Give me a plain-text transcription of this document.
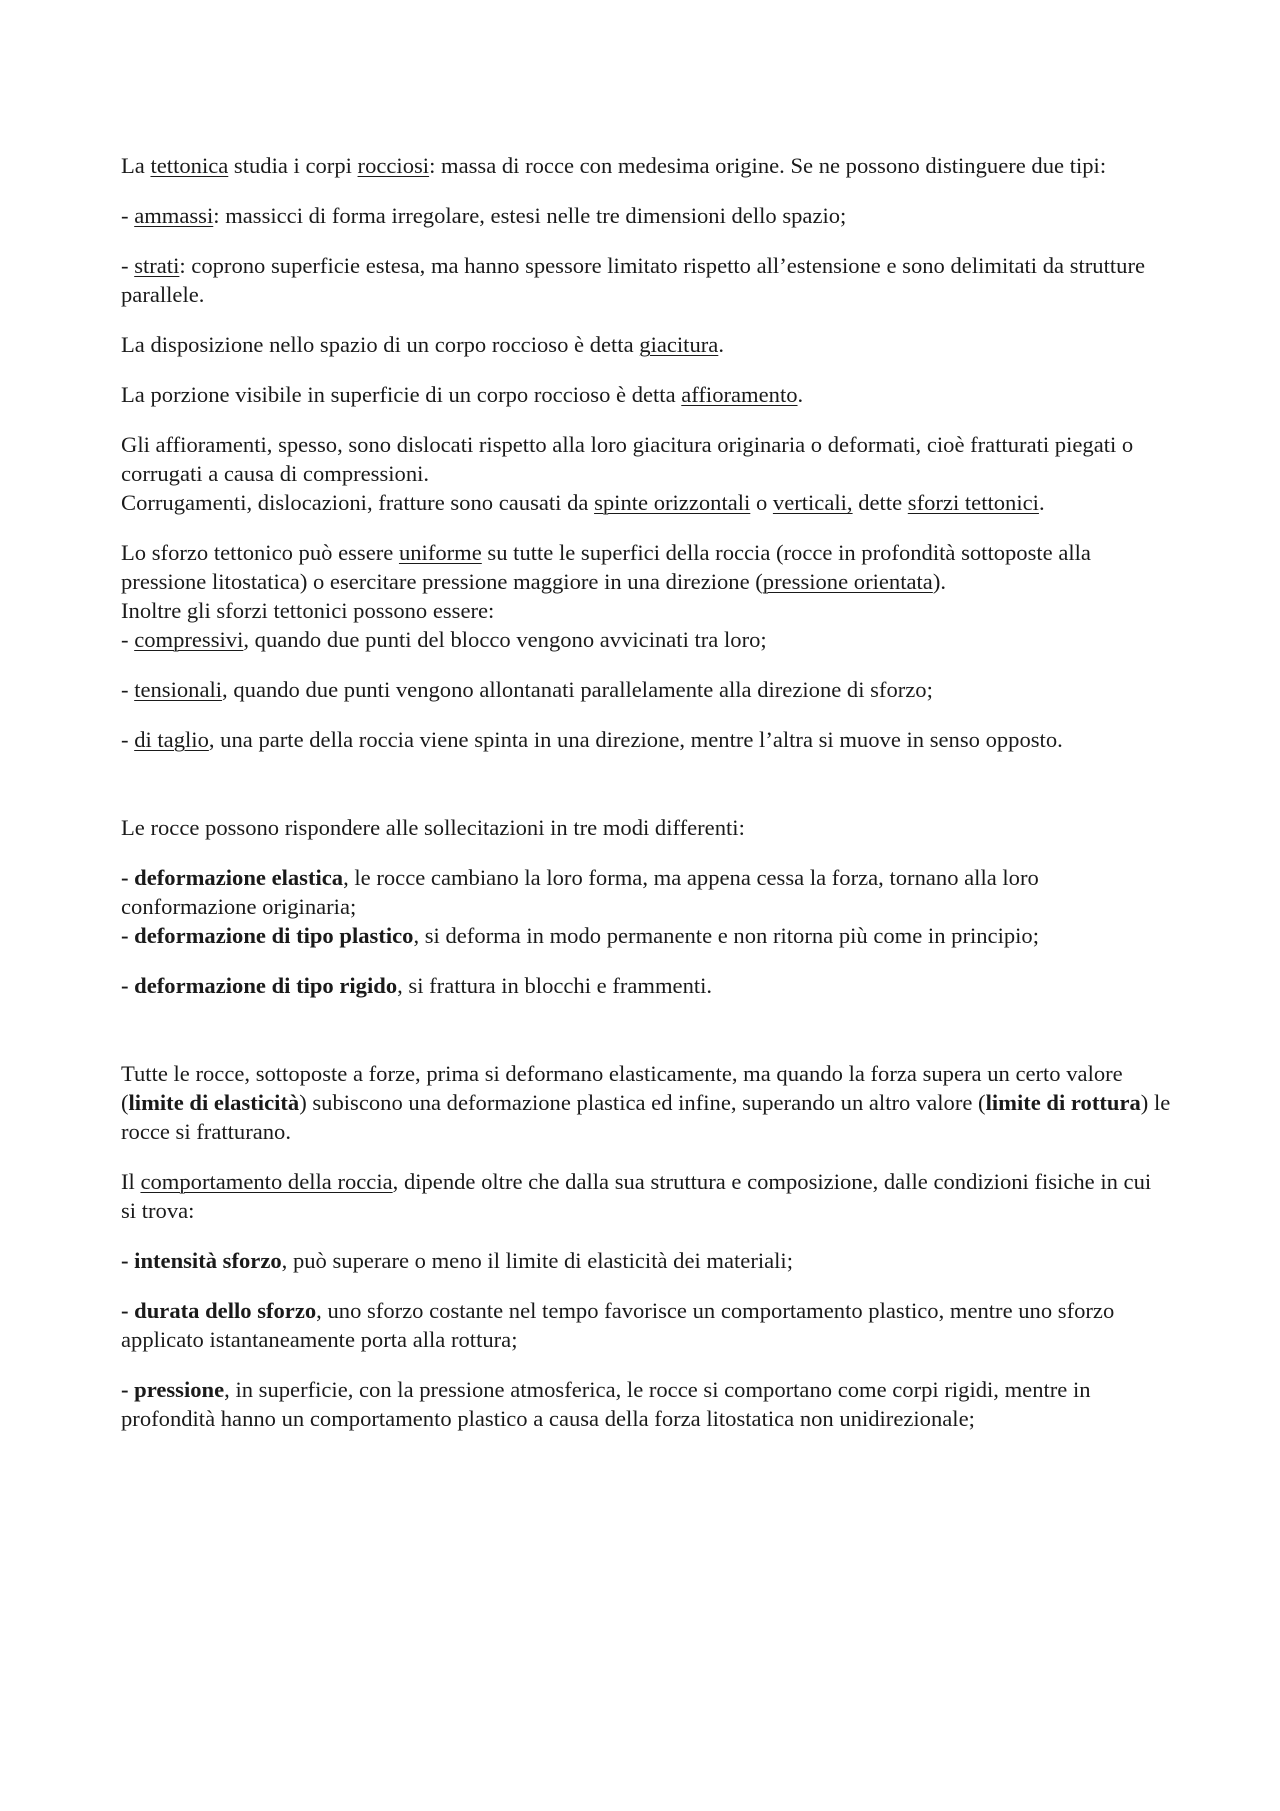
La tettonica studia i corpi rocciosi: massa di rocce con medesima origine. Se ne possono distinguere due tipi:

- ammassi: massicci di forma irregolare, estesi nelle tre dimensioni dello spazio;

- strati: coprono superficie estesa, ma hanno spessore limitato rispetto all’estensione e sono delimitati da strutture parallele.

La disposizione nello spazio di un corpo roccioso è detta giacitura.

La porzione visibile in superficie di un corpo roccioso è detta affioramento.

Gli affioramenti, spesso, sono dislocati rispetto alla loro giacitura originaria o deformati, cioè fratturati piegati o corrugati a causa di compressioni.

Corrugamenti, dislocazioni, fratture sono causati da spinte orizzontali o verticali, dette sforzi tettonici.

Lo sforzo tettonico può essere uniforme su tutte le superfici della roccia (rocce in profondità sottoposte alla pressione litostatica) o esercitare pressione maggiore in una direzione (pressione orientata).

Inoltre gli sforzi tettonici possono essere:

- compressivi, quando due punti del blocco vengono avvicinati tra loro;

- tensionali, quando due punti vengono allontanati parallelamente alla direzione di sforzo;

- di taglio, una parte della roccia viene spinta in una direzione, mentre l’altra si muove in senso opposto.

Le rocce possono rispondere alle sollecitazioni in tre modi differenti:

- deformazione elastica, le rocce cambiano la loro forma, ma appena cessa la forza, tornano alla loro conformazione originaria;

- deformazione di tipo plastico, si deforma in modo permanente e non ritorna più come in principio;

- deformazione di tipo rigido, si frattura in blocchi e frammenti.

Tutte le rocce, sottoposte a forze, prima si deformano elasticamente, ma quando la forza supera un certo valore (limite di elasticità) subiscono una deformazione plastica ed infine, superando un altro valore (limite di rottura) le rocce si fratturano.

Il comportamento della roccia, dipende oltre che dalla sua struttura e composizione, dalle condizioni fisiche in cui si trova:

- intensità sforzo, può superare o meno il limite di elasticità dei materiali;

- durata dello sforzo, uno sforzo costante nel tempo favorisce un comportamento plastico, mentre uno sforzo applicato istantaneamente porta alla rottura;

- pressione, in superficie, con la pressione atmosferica, le rocce si comportano come corpi rigidi, mentre in profondità hanno un comportamento plastico a causa della forza litostatica non unidirezionale;
